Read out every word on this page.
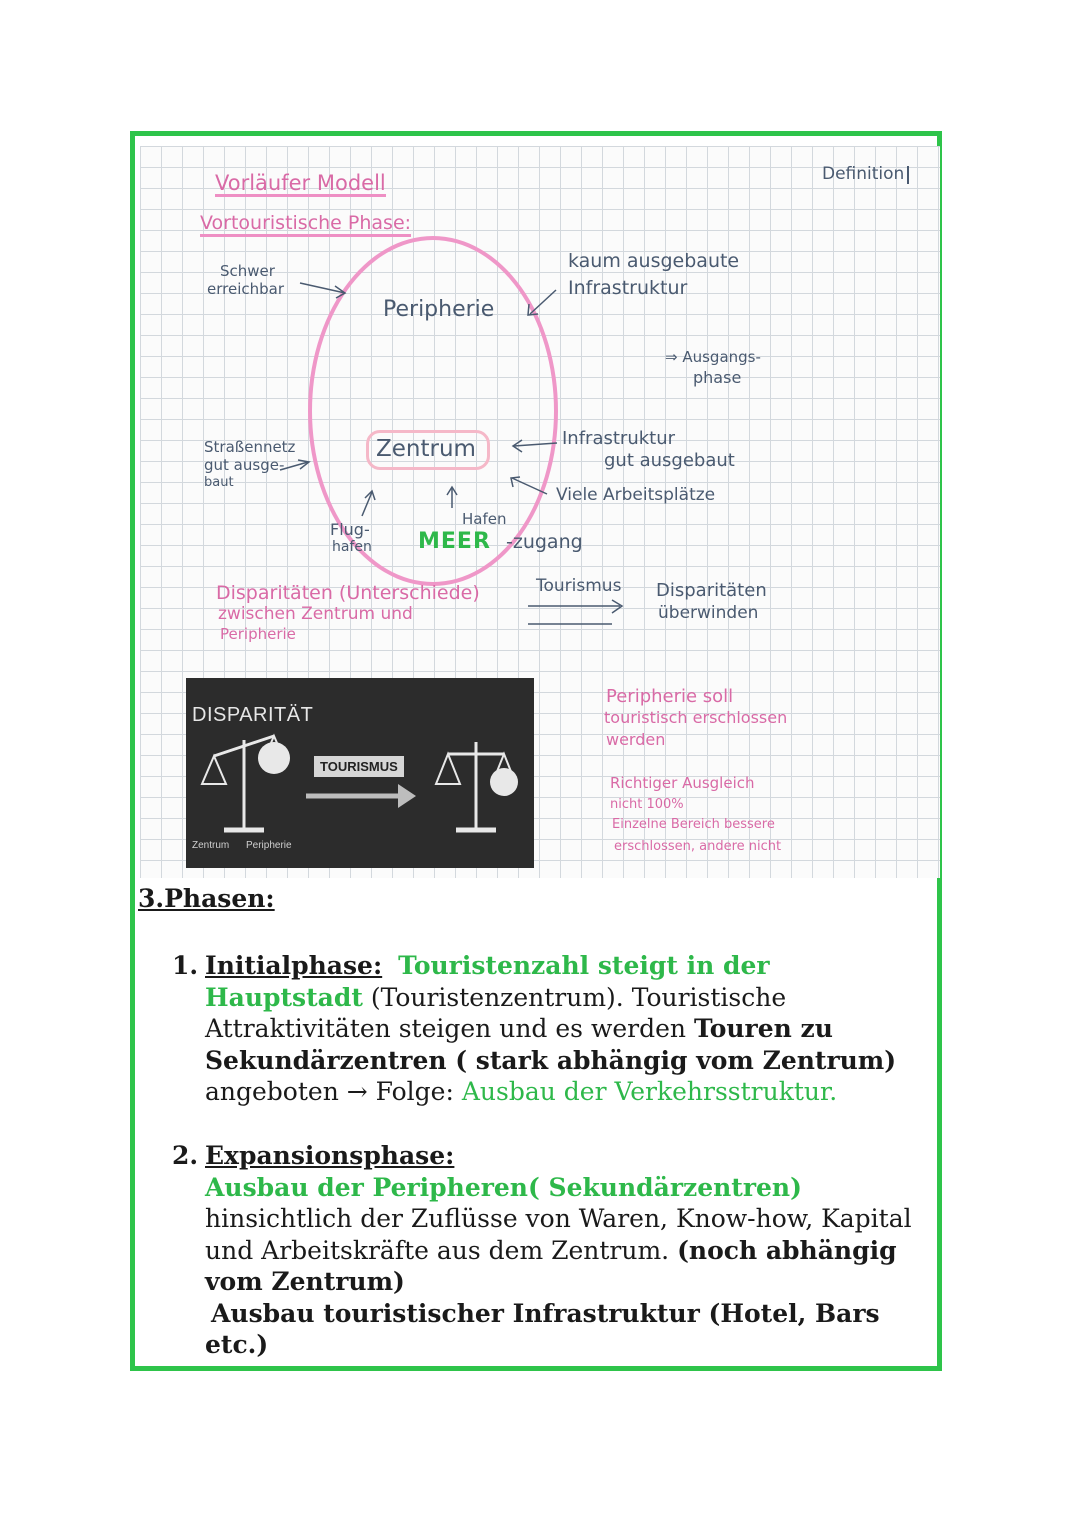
Vorläufer Modell
Vortouristische Phase:
Definition
Peripherie
Zentrum
Schwer
erreichbar
kaum ausgebaute
Infrastruktur
⇒ Ausgangs-
phase
Straßennetz
gut ausge-
baut
Infrastruktur
gut ausgebaut
Viele Arbeitsplätze
Flug-
hafen
Hafen
MEER -zugang
Disparitäten (Unterschiede)
zwischen Zentrum und
Peripherie
Tourismus Disparitäten
überwinden
Peripherie soll
touristisch erschlossen
werden
Richtiger Ausgleich
nicht 100%
Einzelne Bereich bessere
erschlossen, andere nicht
DISPARITÄT
TOURISMUS
Zentrum Peripherie
3.Phasen:
1. Initialphase: Touristenzahl steigt in der Hauptstadt (Touristenzentrum). Touristische Attraktivitäten steigen und es werden Touren zu Sekundärzentren ( stark abhängig vom Zentrum) angeboten → Folge: Ausbau der Verkehrsstruktur.
2. Expansionsphase:
Ausbau der Peripheren( Sekundärzentren) hinsichtlich der Zuflüsse von Waren, Know-how, Kapital und Arbeitskräfte aus dem Zentrum. (noch abhängig vom Zentrum)
Ausbau touristischer Infrastruktur (Hotel, Bars etc.)
